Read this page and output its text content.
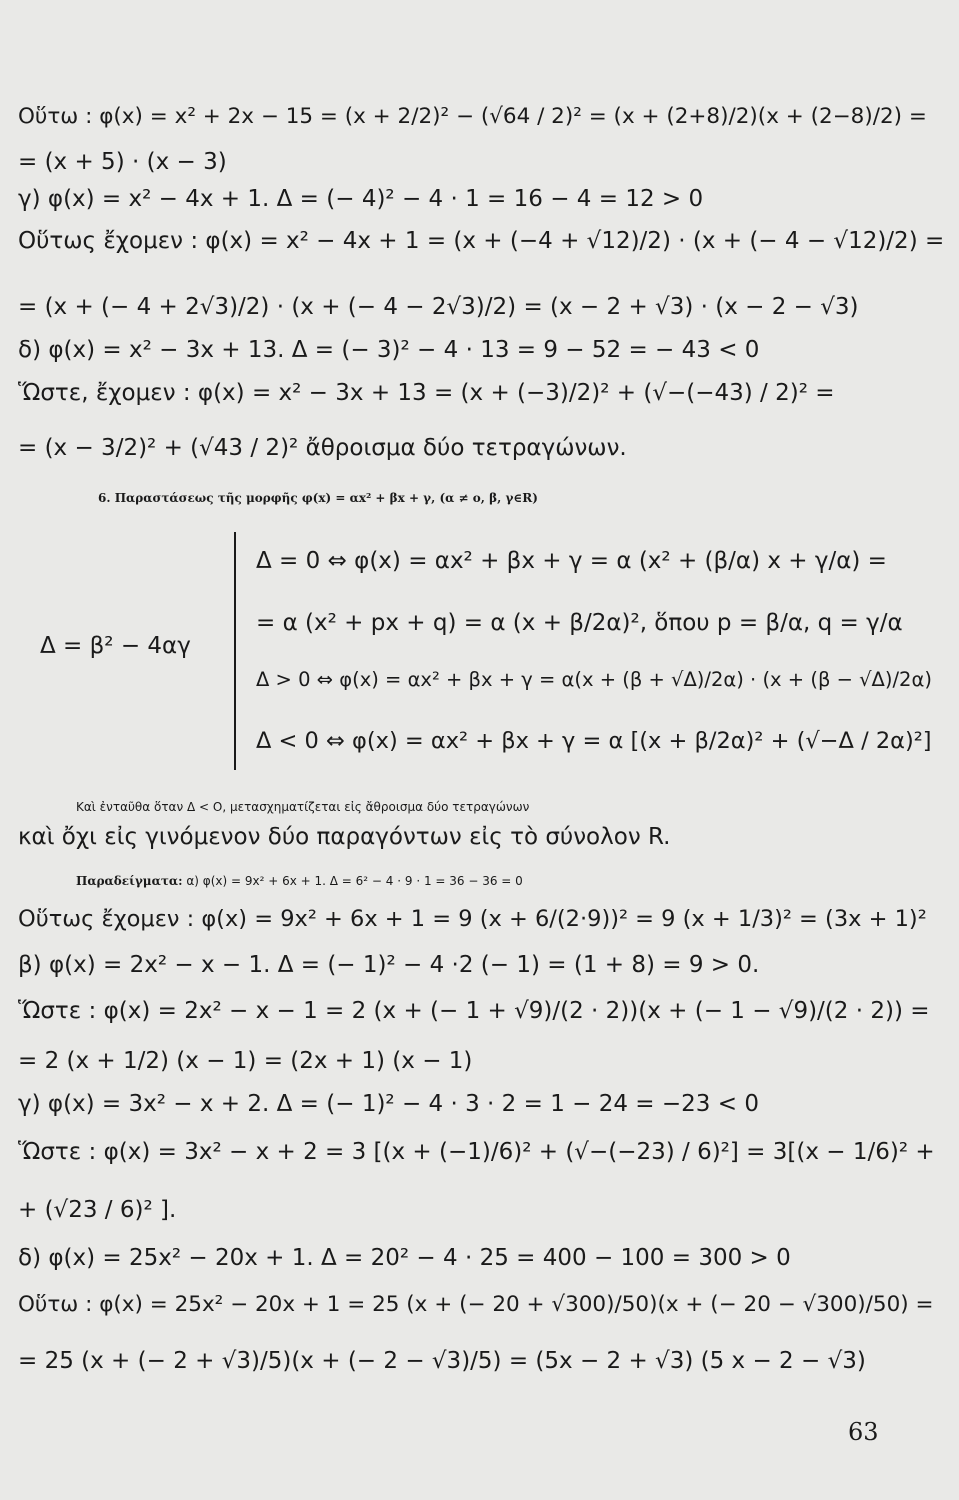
Οὕτω : φ(x) = x² + 2x − 15 = (x + 2/2)² − (√64 / 2)² = (x + (2+8)/2)(x + (2−8)/2) =
= (x + 5) · (x − 3)
γ) φ(x) = x² − 4x + 1. Δ = (− 4)² − 4 · 1 = 16 − 4 = 12 > 0
Οὕτως ἔχομεν : φ(x) = x² − 4x + 1 = (x + (−4 + √12)/2) · (x + (− 4 − √12)/2) =
= (x + (− 4 + 2√3)/2) · (x + (− 4 − 2√3)/2) = (x − 2 + √3) · (x − 2 − √3)
δ) φ(x) = x² − 3x + 13. Δ = (− 3)² − 4 · 13 = 9 − 52 = − 43 < 0
Ὥστε, ἔχομεν : φ(x) = x² − 3x + 13 = (x + (−3)/2)² + (√−(−43) / 2)² =
= (x − 3/2)² + (√43 / 2)² ἄθροισμα δύο τετραγώνων.
6. Παραστάσεως τῆς μορφῆς φ(x) = αx² + βx + γ, (α ≠ o, β, γ∈R)
Δ = β² − 4αγ
Δ = 0 ⇔ φ(x) = αx² + βx + γ = α (x² + (β/α) x + γ/α) =
= α (x² + px + q) = α (x + β/2α)², ὅπου p = β/α, q = γ/α
Δ > 0 ⇔ φ(x) = αx² + βx + γ = α(x + (β + √Δ)/2α) · (x + (β − √Δ)/2α)
Δ < 0 ⇔ φ(x) = αx² + βx + γ = α [(x + β/2α)² + (√−Δ / 2α)²]
Καὶ ἐνταῦθα ὅταν Δ < O, μετασχηματίζεται εἰς ἄθροισμα δύο τετραγώνων
καὶ ὄχι εἰς γινόμενον δύο παραγόντων εἰς τὸ σύνολον R.
Παραδείγματα: α) φ(x) = 9x² + 6x + 1. Δ = 6² − 4 · 9 · 1 = 36 − 36 = 0
Οὕτως ἔχομεν : φ(x) = 9x² + 6x + 1 = 9 (x + 6/(2·9))² = 9 (x + 1/3)² = (3x + 1)²
β) φ(x) = 2x² − x − 1. Δ = (− 1)² − 4 ·2 (− 1) = (1 + 8) = 9 > 0.
Ὥστε : φ(x) = 2x² − x − 1 = 2 (x + (− 1 + √9)/(2 · 2))(x + (− 1 − √9)/(2 · 2)) =
= 2 (x + 1/2) (x − 1) = (2x + 1) (x − 1)
γ) φ(x) = 3x² − x + 2. Δ = (− 1)² − 4 · 3 · 2 = 1 − 24 = −23 < 0
Ὥστε : φ(x) = 3x² − x + 2 = 3 [(x + (−1)/6)² + (√−(−23) / 6)²] = 3[(x − 1/6)² +
+ (√23 / 6)² ].
δ) φ(x) = 25x² − 20x + 1. Δ = 20² − 4 · 25 = 400 − 100 = 300 > 0
Οὕτω : φ(x) = 25x² − 20x + 1 = 25 (x + (− 20 + √300)/50)(x + (− 20 − √300)/50) =
= 25 (x + (− 2 + √3)/5)(x + (− 2 − √3)/5) = (5x − 2 + √3) (5 x − 2 − √3)
63
